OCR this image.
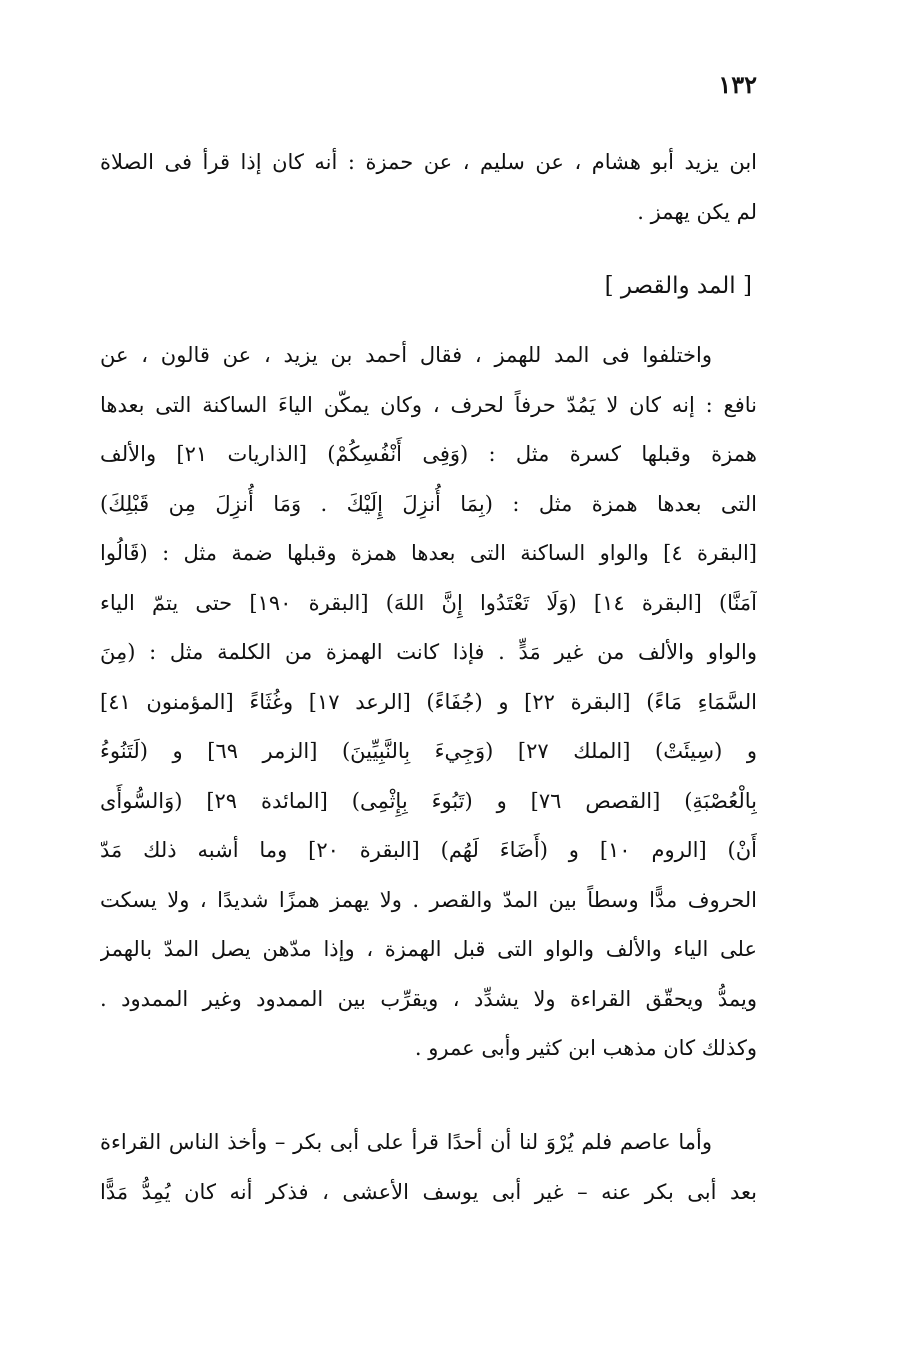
١٣٢
ابن يزيد أبو هشام ، عن سليم ، عن حمزة : أنه كان إذا قرأ فى الصلاة
لم يكن يهمز .
[ المد والقصر ]
واختلفوا فى المد للهمز ، فقال أحمد بن يزيد ، عن قالون ، عن
نافع : إنه كان لا يَمُدّ حرفاً لحرف ، وكان يمكّن الياءَ الساكنة التى بعدها
همزة وقبلها كسرة مثل : (وَفِى أَنْفُسِكُمْ) [الذاريات ٢١] والألف
التى بعدها همزة مثل : (بِمَا أُنزِلَ إِلَيْكَ . وَمَا أُنزِلَ مِن قَبْلِكَ)
[البقرة ٤] والواو الساكنة التى بعدها همزة وقبلها ضمة مثل : (قَالُوا
آمَنَّا) [البقرة ١٤] (وَلَا تَعْتَدُوا إِنَّ اللهَ) [البقرة ١٩٠] حتى يتمّ الياء
والواو والألف من غير مَدٍّ . فإذا كانت الهمزة من الكلمة مثل : (مِنَ
السَّمَاءِ مَاءً) [البقرة ٢٢] و (جُفَاءً) [الرعد ١٧] وغُثَاءً [المؤمنون ٤١]
و (سِيئَتْ) [الملك ٢٧] (وَجِيءَ بِالنَّبِيِّينَ) [الزمر ٦٩] و (لَتَنُوءُ
بِالْعُصْبَةِ) [القصص ٧٦] و (تَبُوءَ بِإِثْمِى) [المائدة ٢٩] (وَالسُّوأَى
أَنْ) [الروم ١٠] و (أَضَاءَ لَهُم) [البقرة ٢٠] وما أشبه ذلك مَدّ
الحروف مدًّا وسطاً بين المدّ والقصر . ولا يهمز همزًا شديدًا ، ولا يسكت
على الياء والألف والواو التى قبل الهمزة ، وإذا مدّهن يصل المدّ بالهمز
ويمدُّ ويحقّق القراءة ولا يشدِّد ، ويقرِّب بين الممدود وغير الممدود .
وكذلك كان مذهب ابن كثير وأبى عمرو .
وأما عاصم فلم يُرْوَ لنا أن أحدًا قرأ على أبى بكر – وأخذ الناس القراءة
بعد أبى بكر عنه – غير أبى يوسف الأعشى ، فذكر أنه كان يُمِدُّ مَدًّا
